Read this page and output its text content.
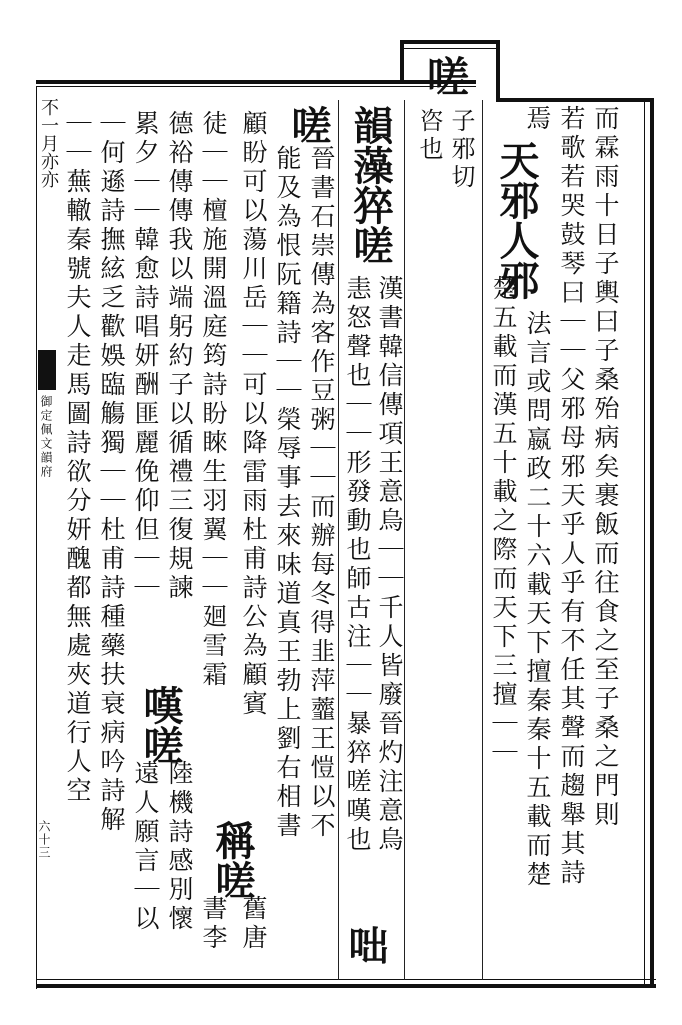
嗟
子邪切
咨也	而霖雨十日子輿曰子桑殆病矣裹飯而往食之至子桑之門則
若歌若哭鼓琴曰｜｜父邪母邪天乎人乎有不任其聲而趨舉其詩
焉
天邪人邪
法言或問嬴政二十六載天下擅秦秦十五載而楚
楚五載而漢五十載之際而天下三擅｜｜
韻藻猝嗟
漢書韓信傳項王意烏｜｜千人皆廢晉灼注意烏
恚怒聲也｜｜形發動也師古注｜｜暴猝嗟嘆也
咄
嗟
晉書石崇傳為客作豆粥｜｜而辦每冬得韭萍虀王愷以不
能及為恨阮籍詩｜｜榮辱事去來味道真王勃上劉右相書
顧盼可以蕩川岳｜｜可以降雷雨杜甫詩公為顧賓
稱嗟
舊唐
徒｜｜檀施開溫庭筠詩盼睞生羽翼｜｜廻雪霜
書李
德裕傳傳我以端躬約子以循禮三復規諫
嘆嗟
陸機詩感別懷
累夕｜｜韓愈詩唱妍酬匪麗俛仰但｜｜
遠人願言｜以
｜何遜詩撫絃乏歡娛臨觴獨｜｜杜甫詩種藥扶衰病吟詩解
｜｜蕪轍秦號夫人走馬圖詩欲分妍醜都無處夾道行人空
不一月亦亦
御定佩文韻府
六十三
